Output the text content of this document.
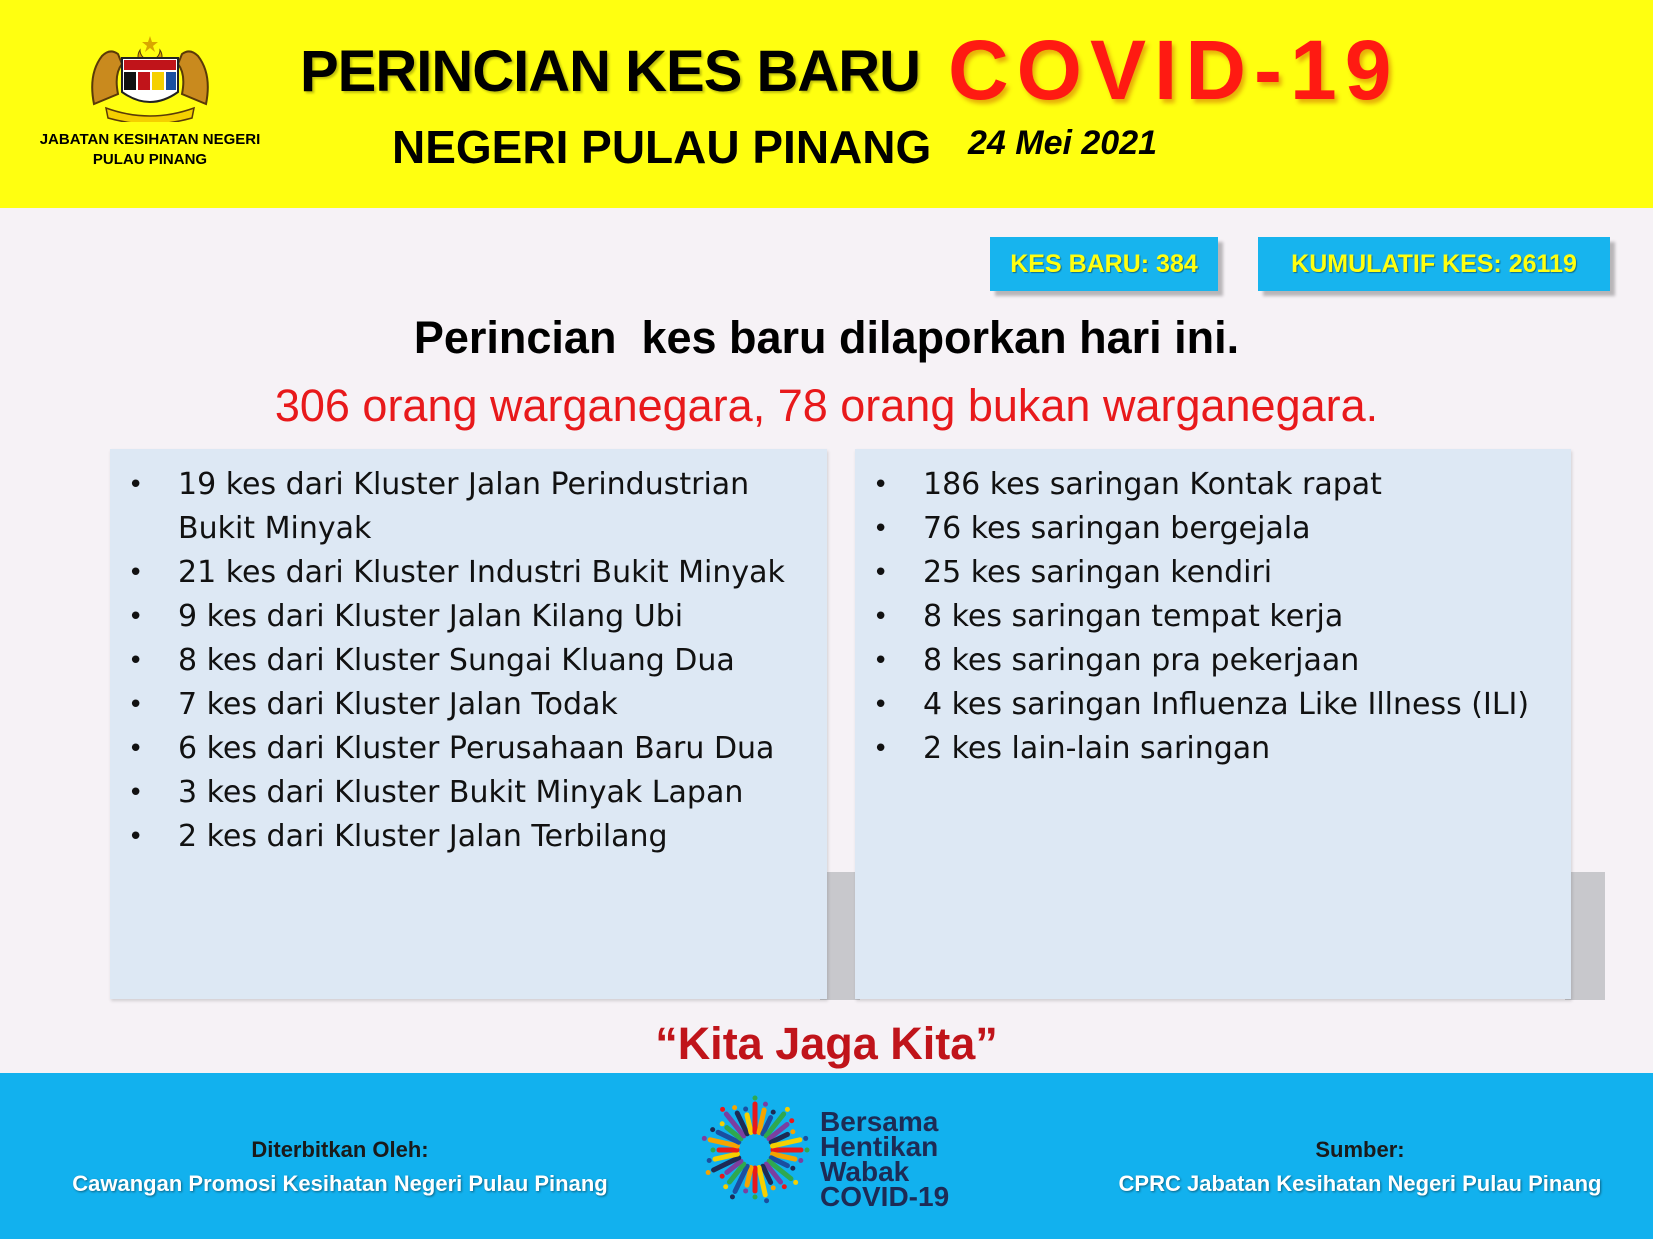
JABATAN KESIHATAN NEGERI
PULAU PINANG
PERINCIAN KES BARU COVID-19
NEGERI PULAU PINANG 24 Mei 2021
KES BARU: 384	KUMULATIF KES: 26119
Perincian  kes baru dilaporkan hari ini.
306 orang warganegara, 78 orang bukan warganegara.
• 19 kes dari Kluster Jalan Perindustrian Bukit Minyak
• 21 kes dari Kluster Industri Bukit Minyak
• 9 kes dari Kluster Jalan Kilang Ubi
• 8 kes dari Kluster Sungai Kluang Dua
• 7 kes dari Kluster Jalan Todak
• 6 kes dari Kluster Perusahaan Baru Dua
• 3 kes dari Kluster Bukit Minyak Lapan
• 2 kes dari Kluster Jalan Terbilang
• 186 kes saringan Kontak rapat
• 76 kes saringan bergejala
• 25 kes saringan kendiri
• 8 kes saringan tempat kerja
• 8 kes saringan pra pekerjaan
• 4 kes saringan Influenza Like Illness (ILI)
• 2 kes lain-lain saringan
“Kita Jaga Kita”
Diterbitkan Oleh:
Cawangan Promosi Kesihatan Negeri Pulau Pinang
Bersama
Hentikan
Wabak
COVID-19
Sumber:
CPRC Jabatan Kesihatan Negeri Pulau Pinang
